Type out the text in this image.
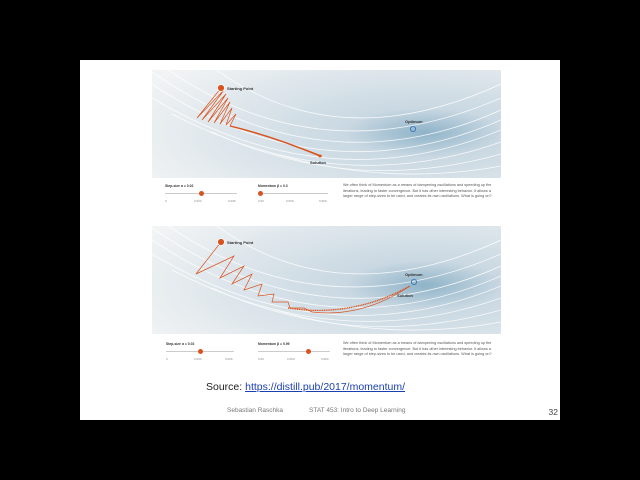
Starting Point
Optimum
Solution
Step-size α = 0.02
0	0.003	0.006
Momentum β = 0.3
0.00	0.500	0.990
We often think of Momentum as a means of dampening oscillations and speeding up the iterations, leading to faster convergence. But it has other interesting behavior. It allows a larger range of step-sizes to be used, and creates its own oscillations. What is going on?
Starting Point
Optimum
Solution
Step-size α = 0.02
0	0.003	0.006
Momentum β = 0.99
0.00	0.500	0.990
We often think of Momentum as a means of dampening oscillations and speeding up the iterations, leading to faster convergence. But it has other interesting behavior. It allows a larger range of step-sizes to be used, and creates its own oscillations. What is going on?
Source: https://distill.pub/2017/momentum/
Sebastian Raschka	STAT 453: Intro to Deep Learning	32
